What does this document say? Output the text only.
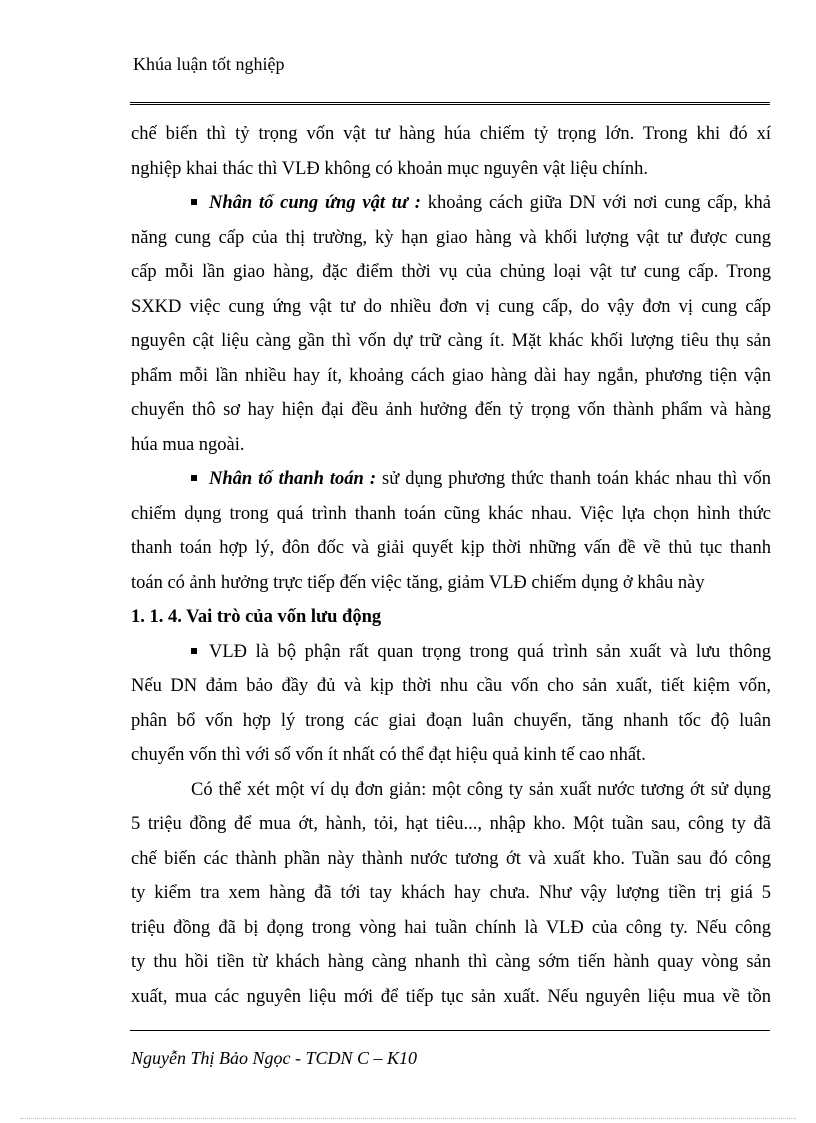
Khúa luận tốt nghiệp
chế biến thì tỷ trọng vốn vật tư hàng húa chiếm tỷ trọng lớn. Trong khi đó xí
nghiệp khai thác thì VLĐ không có khoản mục nguyên vật liệu chính.
Nhân tố cung ứng vật tư : khoảng cách giữa DN với nơi cung cấp, khả
năng cung cấp của thị trường, kỳ hạn giao hàng và khối lượng vật tư được cung
cấp mỗi lần giao hàng, đặc điểm thời vụ của chủng loại vật tư cung cấp. Trong
SXKD việc cung ứng vật tư do nhiều đơn vị cung cấp, do vậy đơn vị cung cấp
nguyên cật liệu càng gần thì vốn dự trữ càng ít. Mặt khác khối lượng tiêu thụ sản
phẩm mỗi lần nhiều hay ít, khoảng cách giao hàng dài hay ngắn, phương tiện vận
chuyển thô sơ hay hiện đại đều ảnh hưởng đến tỷ trọng vốn thành phẩm và hàng
húa mua ngoài.
Nhân tố thanh toán : sử dụng phương thức thanh toán khác nhau thì vốn
chiếm dụng trong quá trình thanh toán cũng khác nhau. Việc lựa chọn hình thức
thanh toán hợp lý, đôn đốc và giải quyết kịp thời những vấn đề về thủ tục thanh
toán có ảnh hưởng trực tiếp đến việc tăng, giảm VLĐ chiếm dụng ở khâu này
1. 1. 4. Vai trò của vốn lưu động
VLĐ là bộ phận rất quan trọng trong quá trình sản xuất và lưu thông
Nếu DN đảm bảo đầy đủ và kịp thời nhu cầu vốn cho sản xuất, tiết kiệm vốn,
phân bổ vốn hợp lý trong các giai đoạn luân chuyển, tăng nhanh tốc độ luân
chuyển vốn thì với số vốn ít nhất có thể đạt hiệu quả kinh tế cao nhất.
Có thể xét một ví dụ đơn giản: một công ty sản xuất nước tương ớt sử dụng
5 triệu đồng để mua ớt, hành, tỏi, hạt tiêu..., nhập kho. Một tuần sau, công ty đã
chế biến các thành phần này thành nước tương ớt và xuất kho. Tuần sau đó công
ty kiểm tra xem hàng đã tới tay khách hay chưa. Như vậy lượng tiền trị giá 5
triệu đồng đã bị đọng trong vòng hai tuần chính là VLĐ của công ty. Nếu công
ty thu hồi tiền từ khách hàng càng nhanh thì càng sớm tiến hành quay vòng sản
xuất, mua các nguyên liệu mới để tiếp tục sản xuất. Nếu nguyên liệu mua về tồn
Nguyễn Thị Bảo Ngọc - TCDN C – K10
